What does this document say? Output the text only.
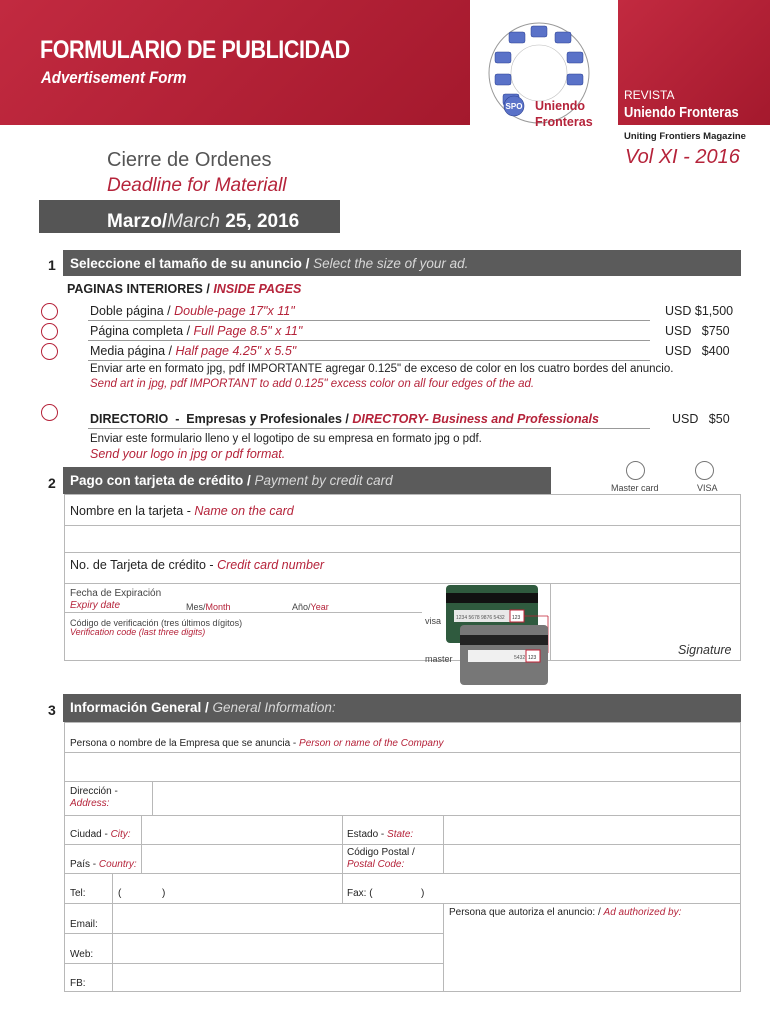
FORMULARIO DE PUBLICIDAD
Advertisement Form
SPO Uniendo
Fronteras
REVISTA
Uniendo Fronteras
Uniting Frontiers Magazine
Vol XI - 2016
Cierre de Ordenes
Deadline for Materiall
Marzo/March 25, 2016
1	Seleccione el tamaño de su anuncio / Select the size of your ad.
PAGINAS INTERIORES / INSIDE PAGES
Doble página / Double-page 17"x 11"	USD $1,500
Página completa / Full Page 8.5" x 11"	USD   $750
Media página / Half page 4.25" x 5.5"	USD   $400
Enviar arte en formato jpg, pdf IMPORTANTE agregar 0.125" de exceso de color en los cuatro bordes del anuncio.
Send art in jpg, pdf IMPORTANT to add 0.125" excess color on all four edges of the ad.
DIRECTORIO  -  Empresas y Profesionales / DIRECTORY- Business and Professionals	USD   $50
Enviar este formulario lleno y el logotipo de su empresa en formato jpg o pdf.
Send your logo in jpg or pdf format.
2	Pago con tarjeta de crédito / Payment by credit card	Master card	VISA
Nombre en la tarjeta - Name on the card
No. de Tarjeta de crédito - Credit card number
Fecha de Expiración
Expiry date	Mes/Month	Año/Year
Código de verificación (tres últimos dígitos)
Verification code (last three digits)
visa
master
1234 5678 9876 5432 123
5432 123
Signature
3	Información General / General Information:
Persona o nombre de la Empresa que se anuncia - Person or name of the Company
Dirección -
Address:
Ciudad - City:	Estado - State:
País - Country:
Código Postal /
Postal Code:
Tel:	(	)	Fax: (	)
Persona que autoriza el anuncio: / Ad authorized by:
Email:
Web:
FB:
